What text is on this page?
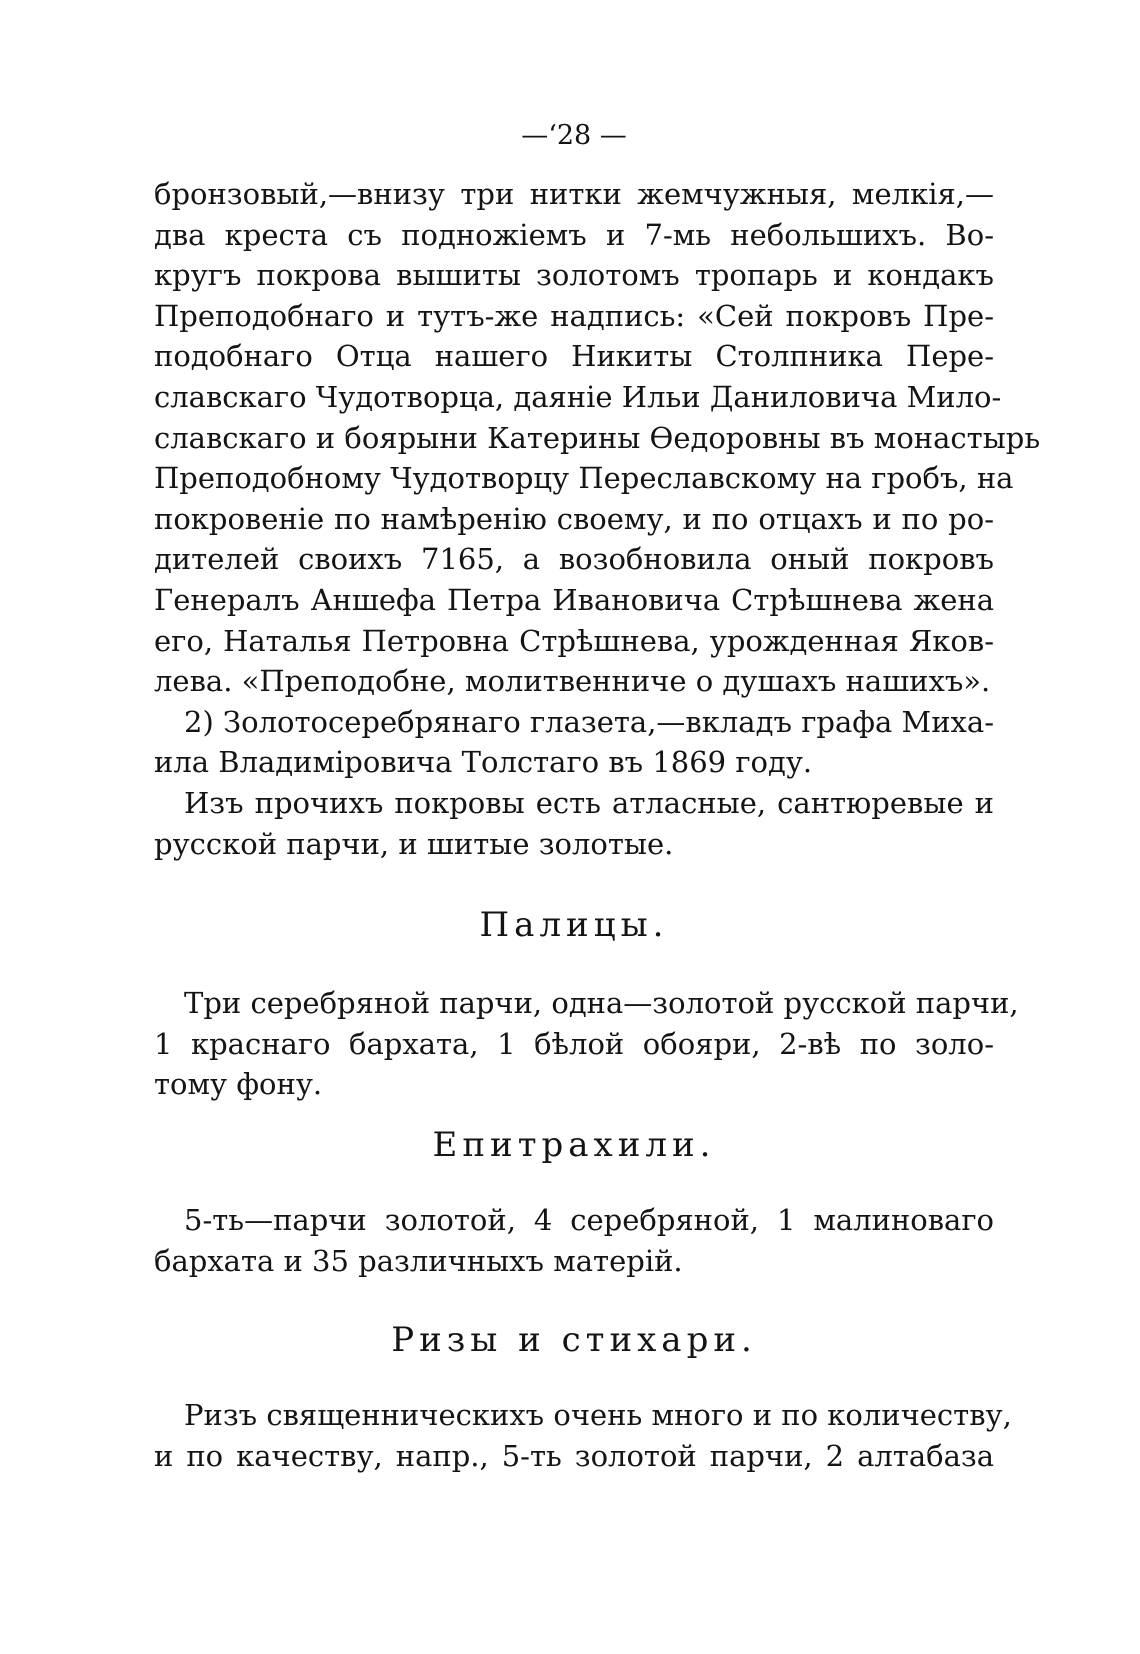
—‘28 —
бронзовый,—внизу три нитки жемчужныя, мелкія,—
два креста съ подножіемъ и 7-мь небольшихъ. Во-
кругъ покрова вышиты золотомъ тропарь и кондакъ
Преподобнаго и тутъ-же надпись: «Сей покровъ Пре-
подобнаго Отца нашего Никиты Столпника Пере-
славскаго Чудотворца, даяніе Ильи Даниловича Мило-
славскаго и боярыни Катерины Өедоровны въ монастырь
Преподобному Чудотворцу Переславскому на гробъ, на
покровеніе по намѣренію своему, и по отцахъ и по ро-
дителей своихъ 7165, а возобновила оный покровъ
Генералъ Аншефа Петра Ивановича Стрѣшнева жена
его, Наталья Петровна Стрѣшнева, урожденная Яков-
лева. «Преподобне, молитвенниче о душахъ нашихъ».
2) Золотосеребрянаго глазета,—вкладъ графа Миха-
ила Владиміровича Толстаго въ 1869 году.
Изъ прочихъ покровы есть атласные, сантюревые и
русской парчи, и шитые золотые.
Палицы.
Три серебряной парчи, одна—золотой русской парчи,
1 краснаго бархата, 1 бѣлой обояри, 2-вѣ по золо-
тому фону.
Епитрахили.
5-ть—парчи золотой, 4 серебряной, 1 малиноваго
бархата и 35 различныхъ матерій.
Ризы и стихари.
Ризъ священническихъ очень много и по количеству,
и по качеству, напр., 5-ть золотой парчи, 2 алтабаза
